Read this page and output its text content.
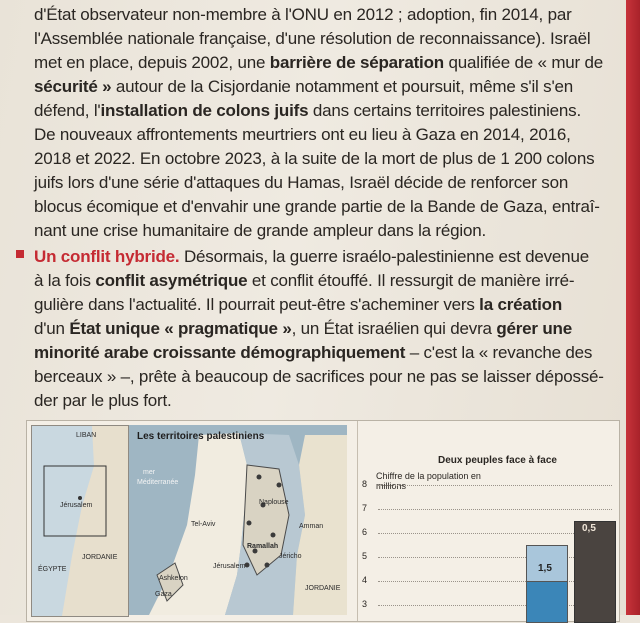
d'État observateur non-membre à l'ONU en 2012 ; adoption, fin 2014, par
l'Assemblée nationale française, d'une résolution de reconnaissance). Israël
met en place, depuis 2002, une barrière de séparation qualifiée de « mur de
sécurité » autour de la Cisjordanie notamment et poursuit, même s'il s'en
défend, l'installation de colons juifs dans certains territoires palestiniens.
De nouveaux affrontements meurtriers ont eu lieu à Gaza en 2014, 2016,
2018 et 2022. En octobre 2023, à la suite de la mort de plus de 1 200 colons
juifs lors d'une série d'attaques du Hamas, Israël décide de renforcer son
blocus écomique et d'envahir une grande partie de la Bande de Gaza, entraî-
nant une crise humanitaire de grande ampleur dans la région.
Un conflit hybride. Désormais, la guerre israélo-palestinienne est devenue
à la fois conflit asymétrique et conflit étouffé. Il ressurgit de manière irré-
gulière dans l'actualité. Il pourrait peut-être s'acheminer vers la création
d'un État unique « pragmatique », un État israélien qui devra gérer une
minorité arabe croissante démographiquement – c'est la « revanche des
berceaux » –, prête à beaucoup de sacrifices pour ne pas se laisser dépossé-
der par le plus fort.
LIBAN
Jérusalem
JORDANIE
ÉGYPTE
Les territoires palestiniens
mer
Méditerranée
Naplouse
Tel-Aviv	Amman
Ramallah
Jéricho
Jérusalem
Ashkelon
Gaza
JORDANIE
Deux peuples face à face
Chiffre de la population en millions
8
7
6
5
4
3
1,5
0,5
